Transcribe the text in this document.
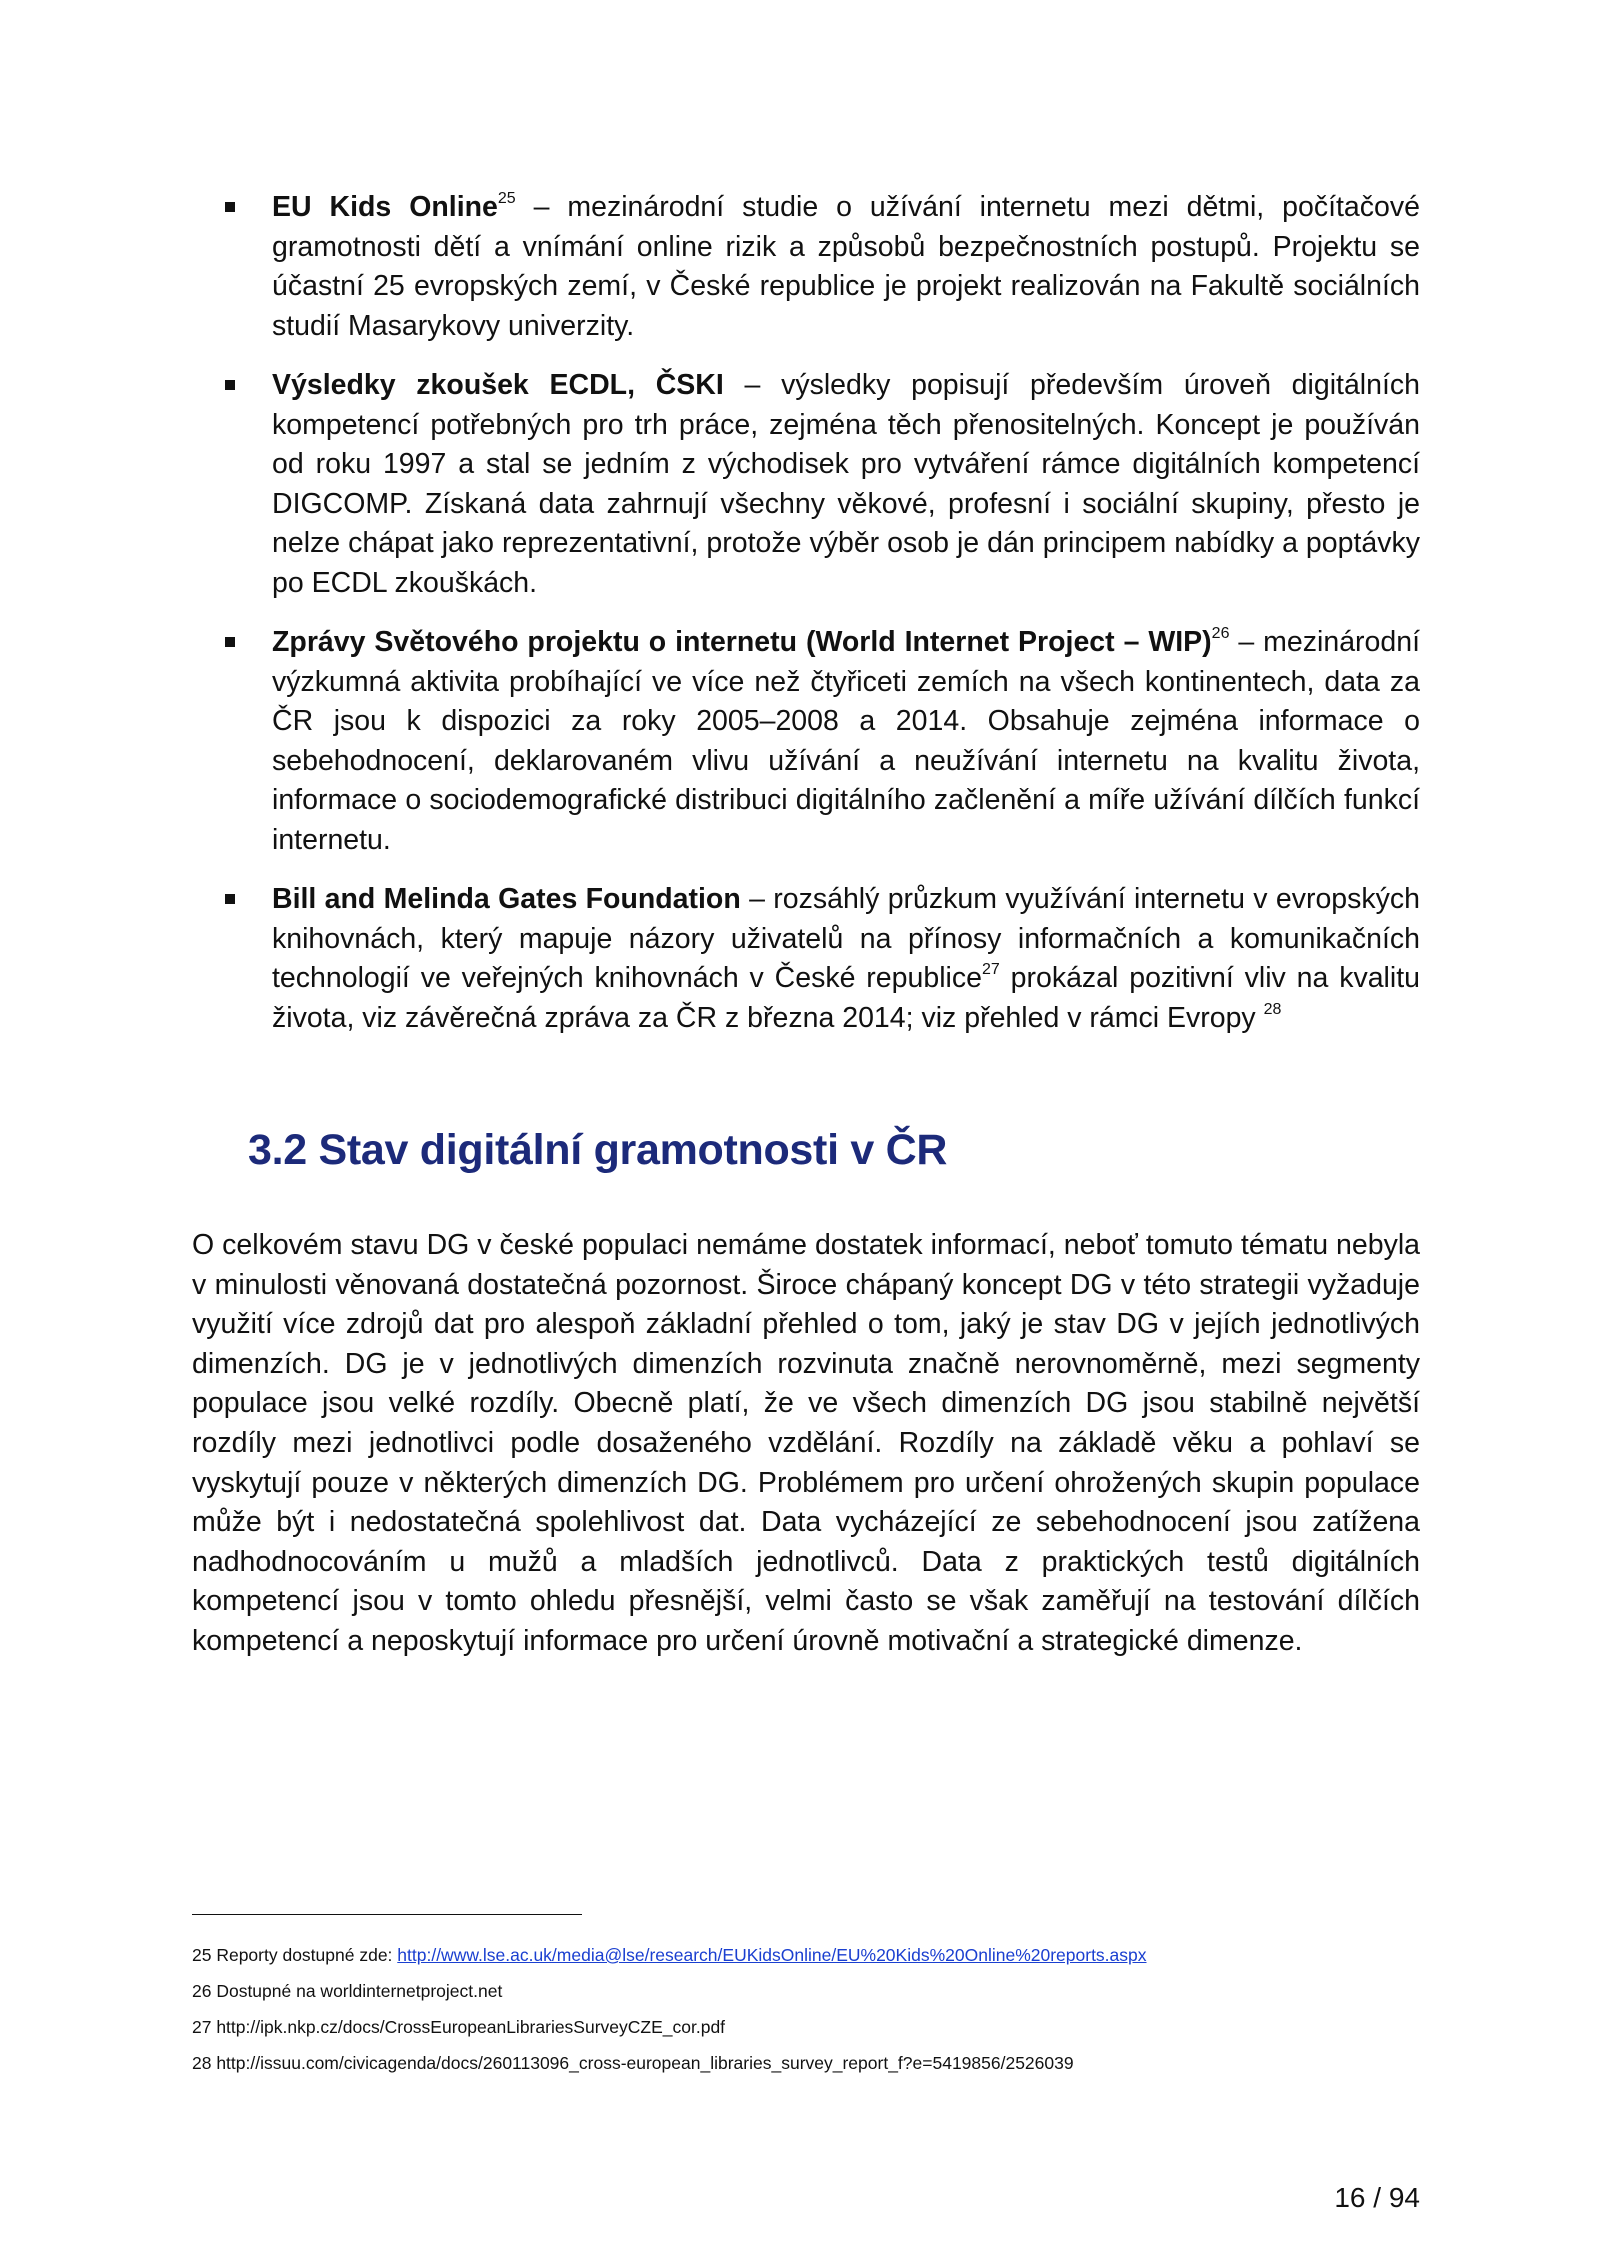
EU Kids Online$^{25}$ – mezinárodní studie o užívání internetu mezi dětmi, počítačové gramotnosti dětí a vnímání online rizik a způsobů bezpečnostních postupů. Projektu se účastní 25 evropských zemí, v České republice je projekt realizován na Fakultě sociálních studií Masarykovy univerzity.
Výsledky zkoušek ECDL, ČSKI – výsledky popisují především úroveň digitálních kompetencí potřebných pro trh práce, zejména těch přenositelných. Koncept je používán od roku 1997 a stal se jedním z východisek pro vytváření rámce digitálních kompetencí DIGCOMP. Získaná data zahrnují všechny věkové, profesní i sociální skupiny, přesto je nelze chápat jako reprezentativní, protože výběr osob je dán principem nabídky a poptávky po ECDL zkouškách.
Zprávy Světového projektu o internetu (World Internet Project – WIP)$^{26}$ – mezinárodní výzkumná aktivita probíhající ve více než čtyřiceti zemích na všech kontinentech, data za ČR jsou k dispozici za roky 2005–2008 a 2014. Obsahuje zejména informace o sebehodnocení, deklarovaném vlivu užívání a neužívání internetu na kvalitu života, informace o sociodemografické distribuci digitálního začlenění a míře užívání dílčích funkcí internetu.
Bill and Melinda Gates Foundation – rozsáhlý průzkum využívání internetu v evropských knihovnách, který mapuje názory uživatelů na přínosy informačních a komunikačních technologií ve veřejných knihovnách v České republice$^{27}$ prokázal pozitivní vliv na kvalitu života, viz závěrečná zpráva za ČR z března 2014; viz přehled v rámci Evropy $^{28}$
3.2 Stav digitální gramotnosti v ČR

O celkovém stavu DG v české populaci nemáme dostatek informací, neboť tomuto tématu nebyla v minulosti věnovaná dostatečná pozornost. Široce chápaný koncept DG v této strategii vyžaduje využití více zdrojů dat pro alespoň základní přehled o tom, jaký je stav DG v jejích jednotlivých dimenzích. DG je v jednotlivých dimenzích rozvinuta značně nerovnoměrně, mezi segmenty populace jsou velké rozdíly. Obecně platí, že ve všech dimenzích DG jsou stabilně největší rozdíly mezi jednotlivci podle dosaženého vzdělání. Rozdíly na základě věku a pohlaví se vyskytují pouze v některých dimenzích DG. Problémem pro určení ohrožených skupin populace může být i nedostatečná spolehlivost dat. Data vycházející ze sebehodnocení jsou zatížena nadhodnocováním u mužů a mladších jednotlivců. Data z praktických testů digitálních kompetencí jsou v tomto ohledu přesnější, velmi často se však zaměřují na testování dílčích kompetencí a neposkytují informace pro určení úrovně motivační a strategické dimenze.

25 Reporty dostupné zde: http://www.lse.ac.uk/media@lse/research/EUKidsOnline/EU%20Kids%20Online%20reports.aspx
26 Dostupné na worldinternetproject.net
27 http://ipk.nkp.cz/docs/CrossEuropeanLibrariesSurveyCZE_cor.pdf
28 http://issuu.com/civicagenda/docs/260113096_cross-european_libraries_survey_report_f?e=5419856/2526039
16 / 94
